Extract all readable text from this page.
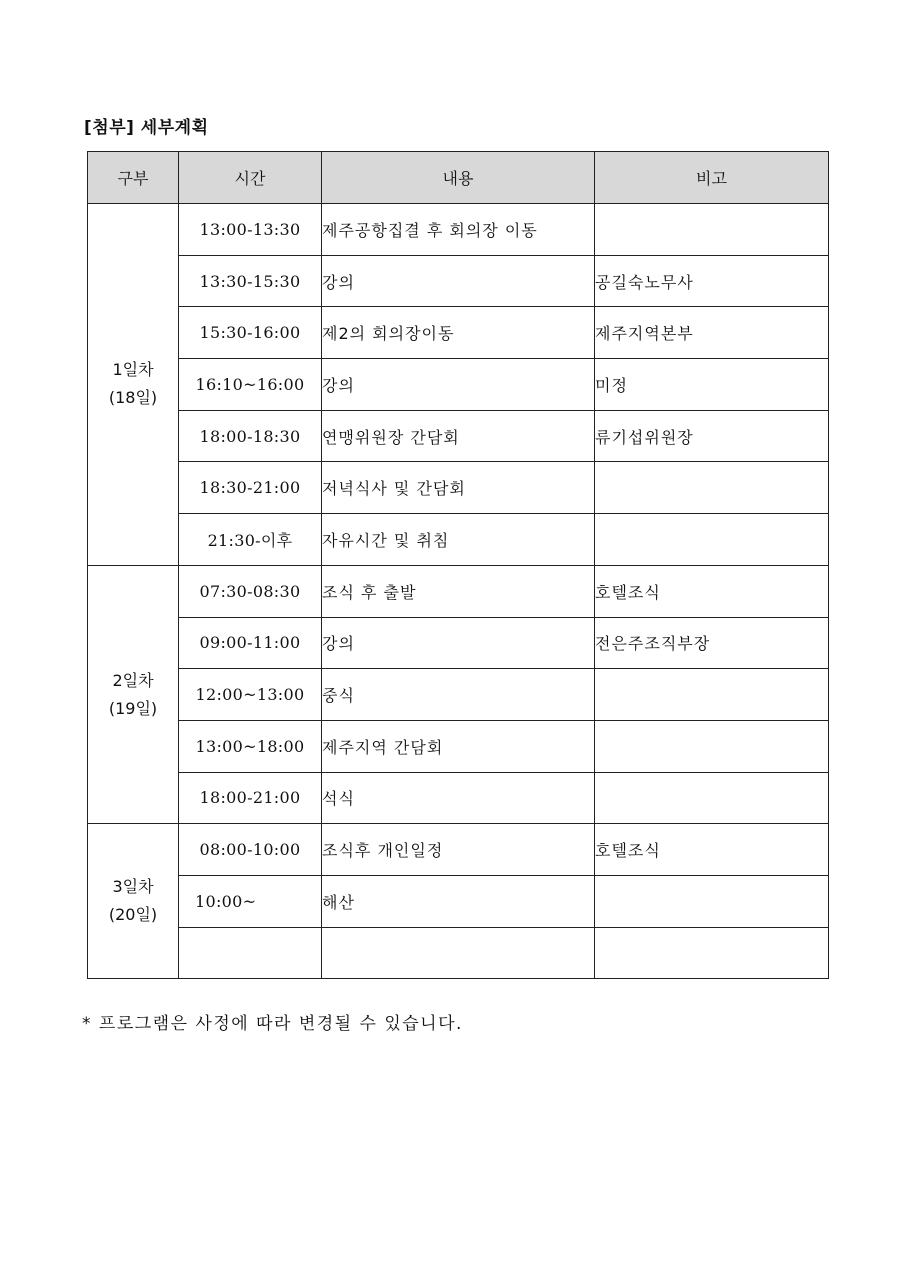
[첨부] 세부계획
구부	시간	내용	비고

1일차
(18일)	13:00-13:30	제주공항집결 후 회의장 이동	
	13:30-15:30	강의	공길숙노무사
	15:30-16:00	제2의 회의장이동	제주지역본부
	16:10~16:00	강의	미정
	18:00-18:30	연맹위원장 간담회	류기섭위원장
	18:30-21:00	저녁식사 및 간담회	
	21:30-이후	자유시간 및 취침	

2일차
(19일)	07:30-08:30	조식 후 출발	호텔조식
	09:00-11:00	강의	전은주조직부장
	12:00~13:00	중식	
	13:00~18:00	제주지역 간담회	
	18:00-21:00	석식	

3일차
(20일)	08:00-10:00	조식후 개인일정	호텔조식
	10:00~	해산	

* 프로그램은 사정에 따라 변경될 수 있습니다.
